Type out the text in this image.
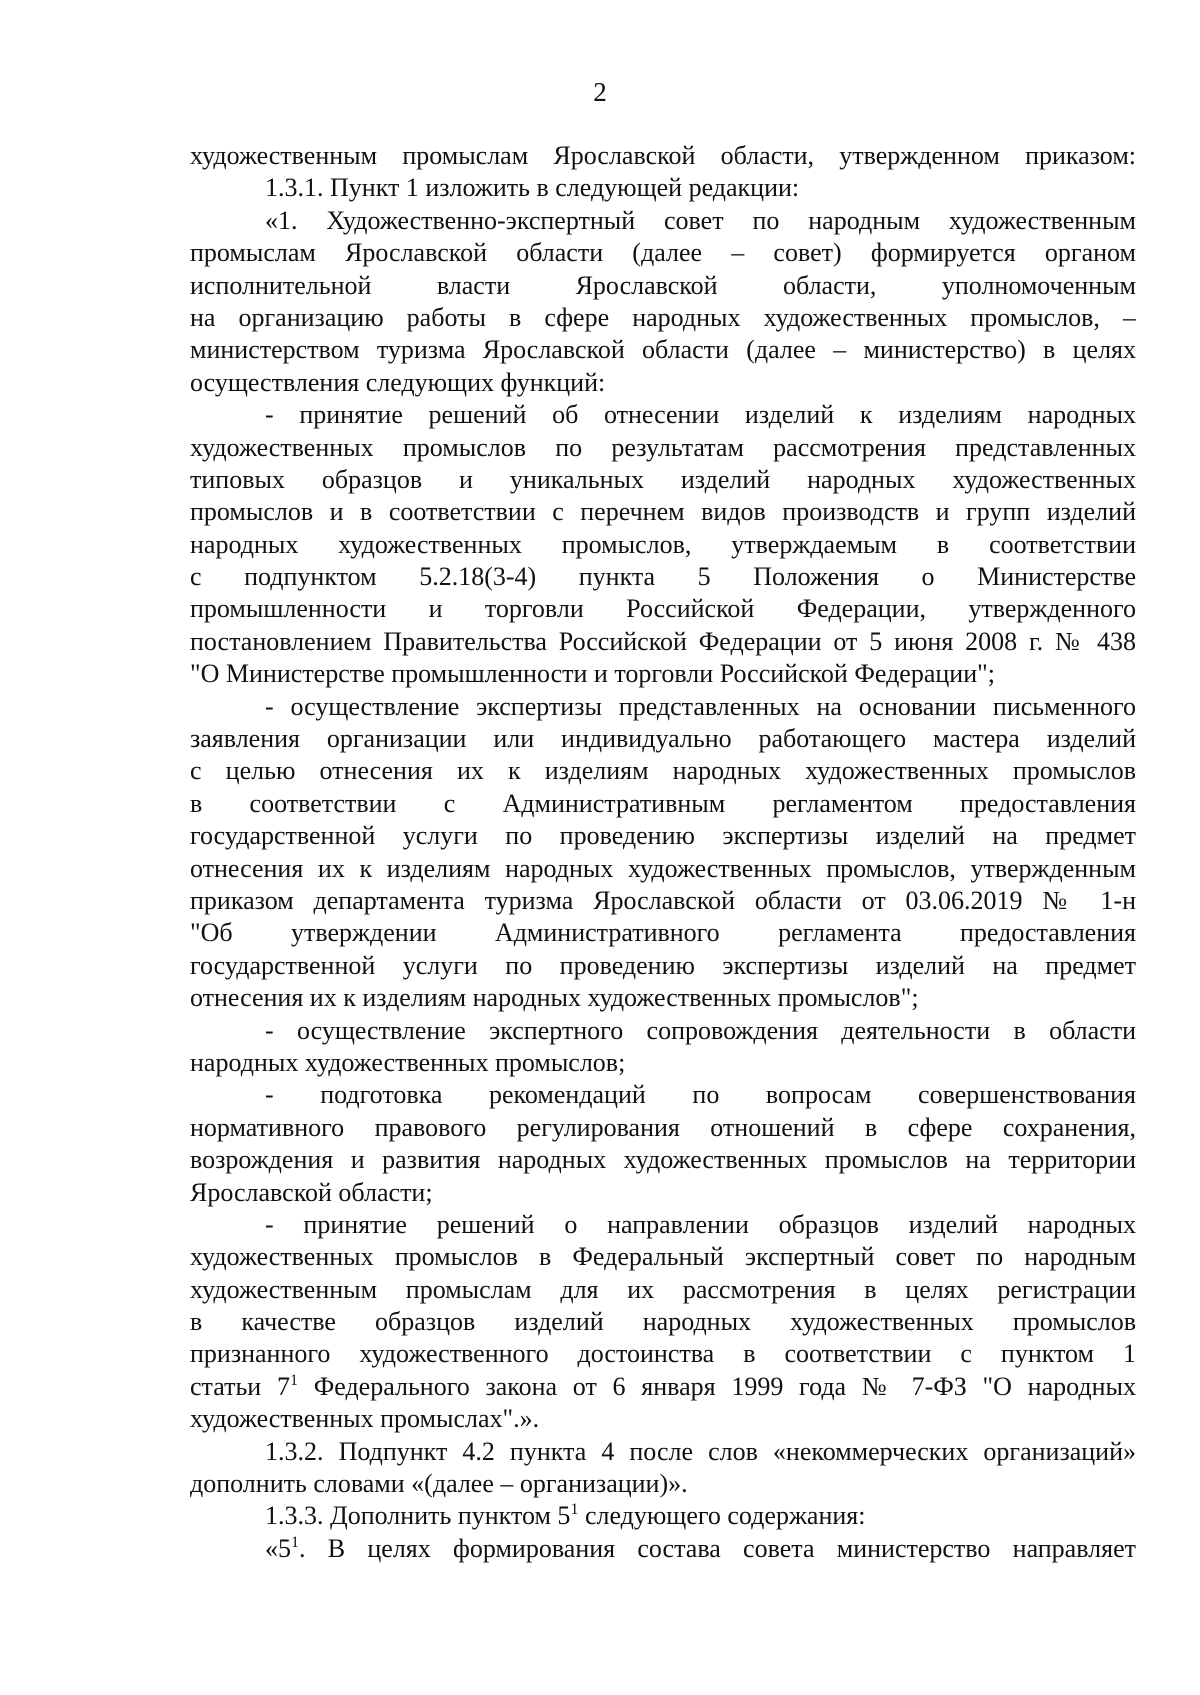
2
художественным промыслам Ярославской области, утвержденном приказом:
1.3.1. Пункт 1 изложить в следующей редакции:
«1. Художественно-экспертный совет по народным художественным
промыслам Ярославской области (далее – совет) формируется органом
исполнительной власти Ярославской области, уполномоченным
на организацию работы в сфере народных художественных промыслов, –
министерством туризма Ярославской области (далее – министерство) в целях
осуществления следующих функций:
- принятие решений об отнесении изделий к изделиям народных
художественных промыслов по результатам рассмотрения представленных
типовых образцов и уникальных изделий народных художественных
промыслов и в соответствии с перечнем видов производств и групп изделий
народных художественных промыслов, утверждаемым в соответствии
с подпунктом 5.2.18(3-4) пункта 5 Положения о Министерстве
промышленности и торговли Российской Федерации, утвержденного
постановлением Правительства Российской Федерации от 5 июня 2008 г. № 438
"О Министерстве промышленности и торговли Российской Федерации";
- осуществление экспертизы представленных на основании письменного
заявления организации или индивидуально работающего мастера изделий
с целью отнесения их к изделиям народных художественных промыслов
в соответствии с Административным регламентом предоставления
государственной услуги по проведению экспертизы изделий на предмет
отнесения их к изделиям народных художественных промыслов, утвержденным
приказом департамента туризма Ярославской области от 03.06.2019 № 1-н
"Об утверждении Административного регламента предоставления
государственной услуги по проведению экспертизы изделий на предмет
отнесения их к изделиям народных художественных промыслов";
- осуществление экспертного сопровождения деятельности в области
народных художественных промыслов;
- подготовка рекомендаций по вопросам совершенствования
нормативного правового регулирования отношений в сфере сохранения,
возрождения и развития народных художественных промыслов на территории
Ярославской области;
- принятие решений о направлении образцов изделий народных
художественных промыслов в Федеральный экспертный совет по народным
художественным промыслам для их рассмотрения в целях регистрации
в качестве образцов изделий народных художественных промыслов
признанного художественного достоинства в соответствии с пунктом 1
статьи $7^1$ Федерального закона от 6 января 1999 года № 7-ФЗ "О народных
художественных промыслах".».
1.3.2. Подпункт 4.2 пункта 4 после слов «некоммерческих организаций»
дополнить словами «(далее – организации)».
1.3.3. Дополнить пунктом $5^1$ следующего содержания:
«$5^1$. В целях формирования состава совета министерство направляет
